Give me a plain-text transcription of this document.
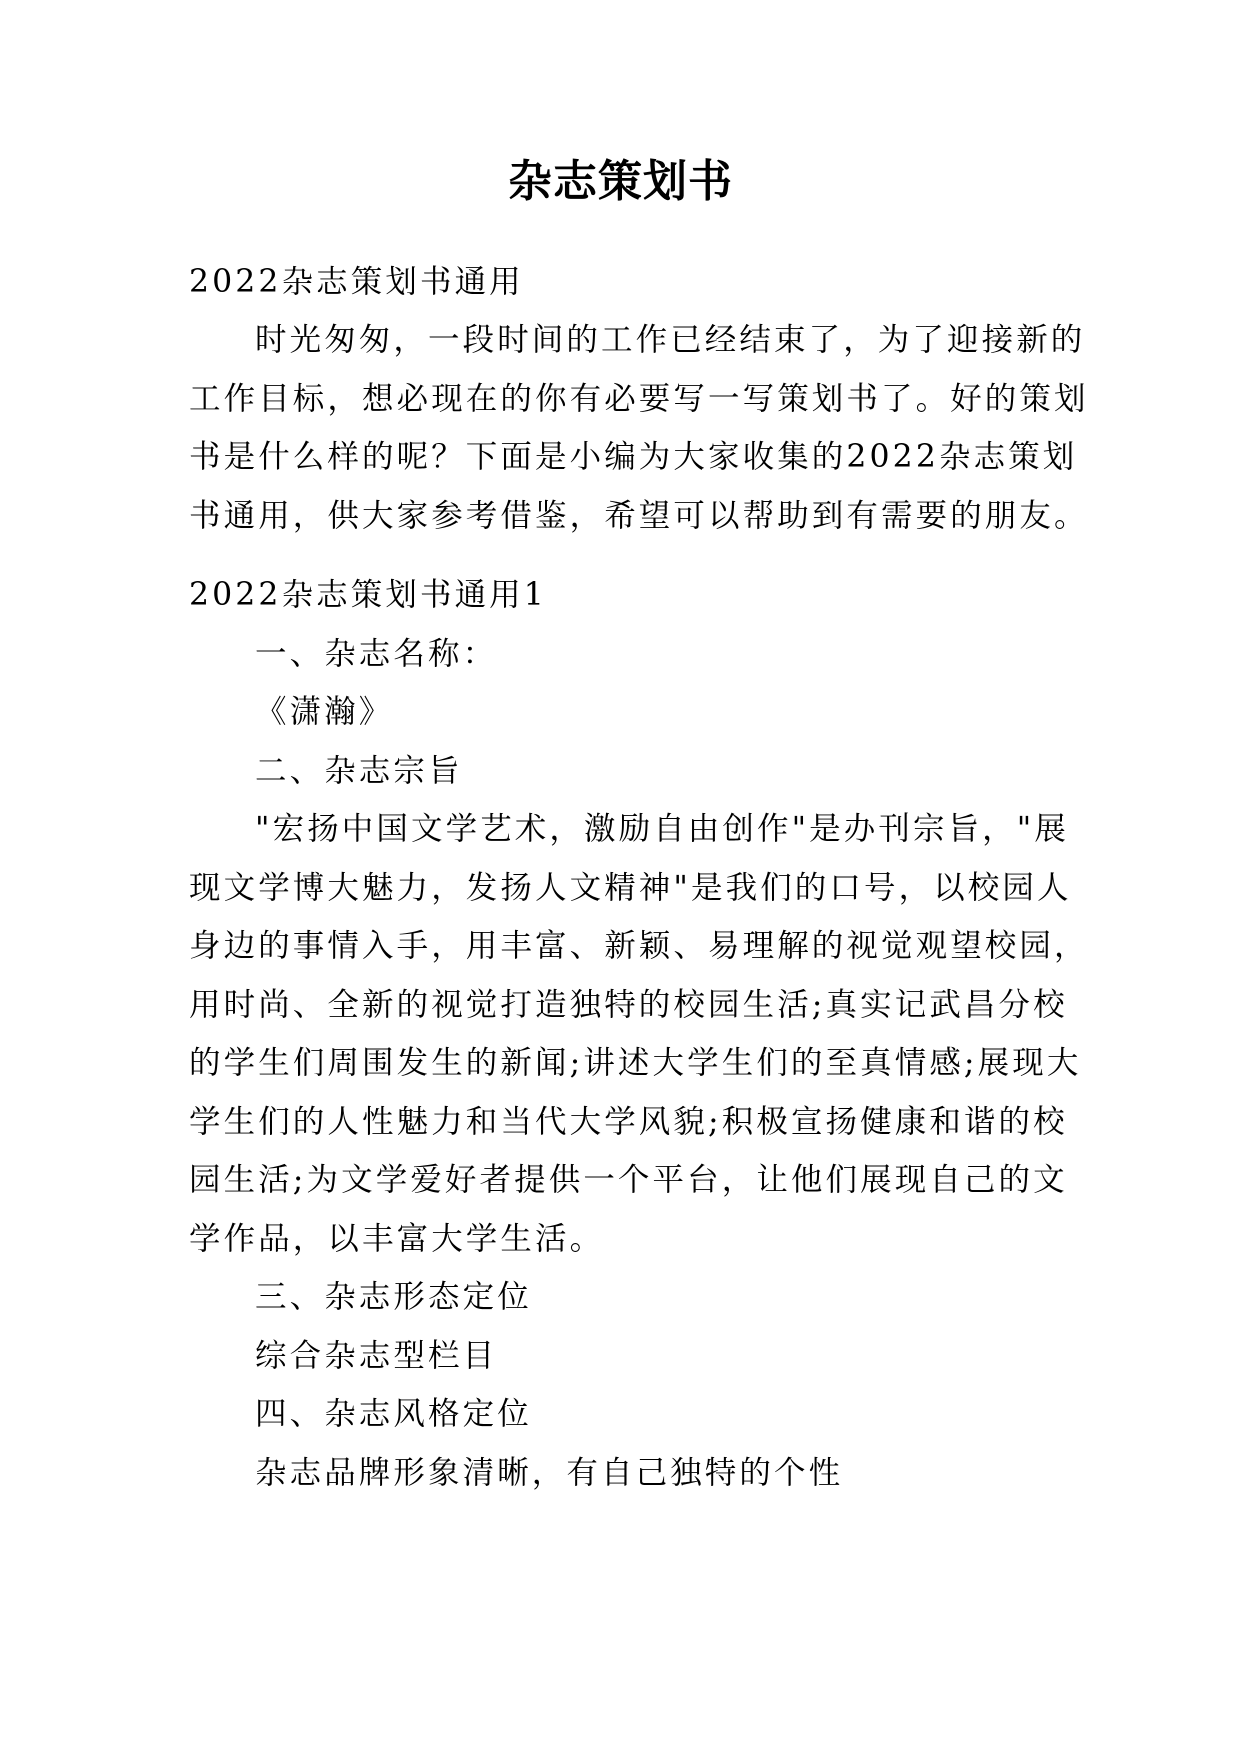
杂志策划书

2022杂志策划书通用

时光匆匆，一段时间的工作已经结束了，为了迎接新的

工作目标，想必现在的你有必要写一写策划书了。好的策划

书是什么样的呢？下面是小编为大家收集的2022杂志策划

书通用，供大家参考借鉴，希望可以帮助到有需要的朋友。

2022杂志策划书通用1

一、杂志名称：

《潇瀚》

二、杂志宗旨

"宏扬中国文学艺术，激励自由创作"是办刊宗旨，"展

现文学博大魅力，发扬人文精神"是我们的口号，以校园人

身边的事情入手，用丰富、新颖、易理解的视觉观望校园，

用时尚、全新的视觉打造独特的校园生活;真实记武昌分校

的学生们周围发生的新闻;讲述大学生们的至真情感;展现大

学生们的人性魅力和当代大学风貌;积极宣扬健康和谐的校

园生活;为文学爱好者提供一个平台，让他们展现自己的文

学作品，以丰富大学生活。

三、杂志形态定位

综合杂志型栏目

四、杂志风格定位

杂志品牌形象清晰，有自己独特的个性
